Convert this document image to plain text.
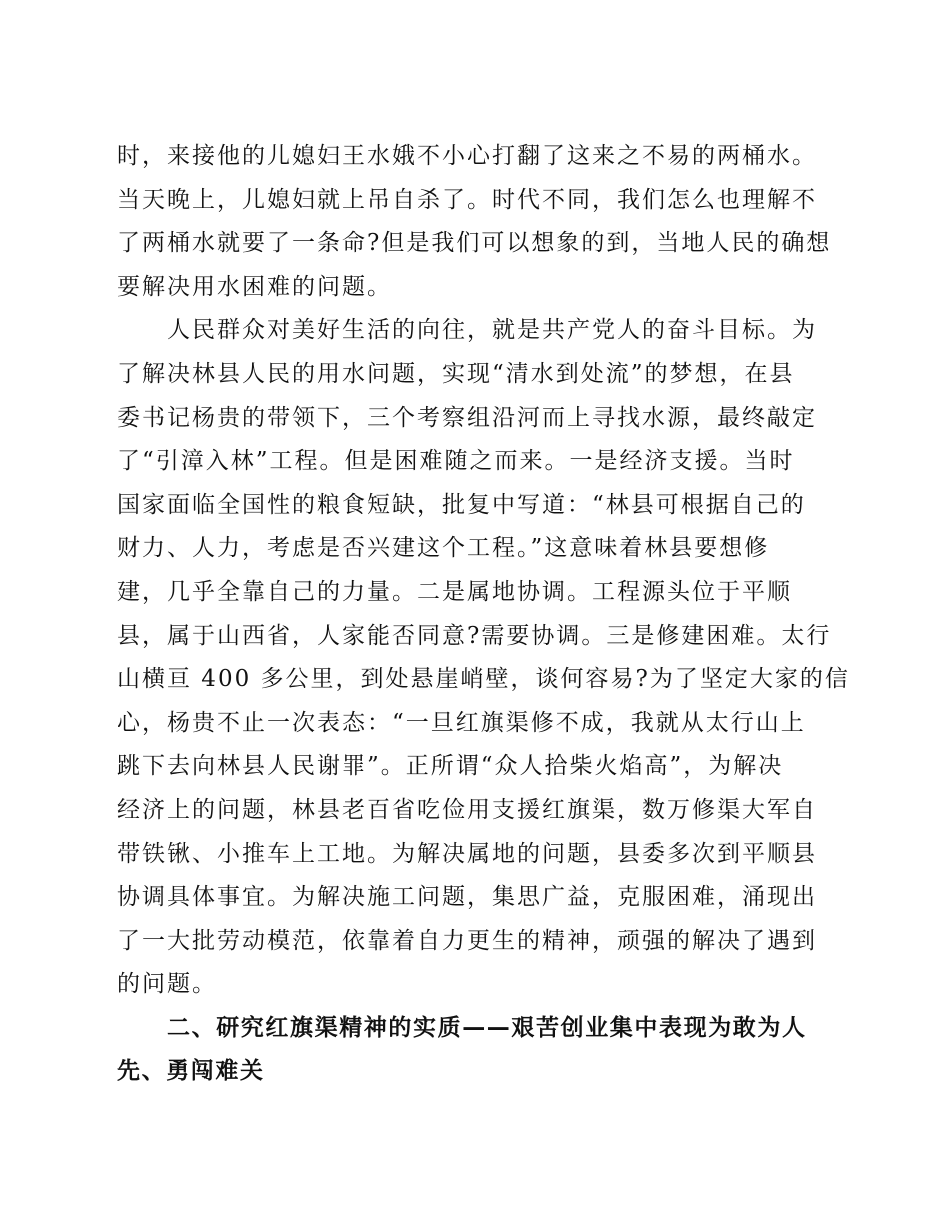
时，来接他的儿媳妇王水娥不小心打翻了这来之不易的两桶水。
当天晚上，儿媳妇就上吊自杀了。时代不同，我们怎么也理解不
了两桶水就要了一条命?但是我们可以想象的到，当地人民的确想
要解决用水困难的问题。
人民群众对美好生活的向往，就是共产党人的奋斗目标。为
了解决林县人民的用水问题，实现“清水到处流”的梦想，在县
委书记杨贵的带领下，三个考察组沿河而上寻找水源，最终敲定
了“引漳入林”工程。但是困难随之而来。一是经济支援。当时
国家面临全国性的粮食短缺，批复中写道：“林县可根据自己的
财力、人力，考虑是否兴建这个工程。”这意味着林县要想修
建，几乎全靠自己的力量。二是属地协调。工程源头位于平顺
县，属于山西省，人家能否同意?需要协调。三是修建困难。太行
山横亘 400 多公里，到处悬崖峭壁，谈何容易?为了坚定大家的信
心，杨贵不止一次表态：“一旦红旗渠修不成，我就从太行山上
跳下去向林县人民谢罪”。正所谓“众人拾柴火焰高”，为解决
经济上的问题，林县老百省吃俭用支援红旗渠，数万修渠大军自
带铁锹、小推车上工地。为解决属地的问题，县委多次到平顺县
协调具体事宜。为解决施工问题，集思广益，克服困难，涌现出
了一大批劳动模范，依靠着自力更生的精神，顽强的解决了遇到
的问题。
二、研究红旗渠精神的实质——艰苦创业集中表现为敢为人
先、勇闯难关
